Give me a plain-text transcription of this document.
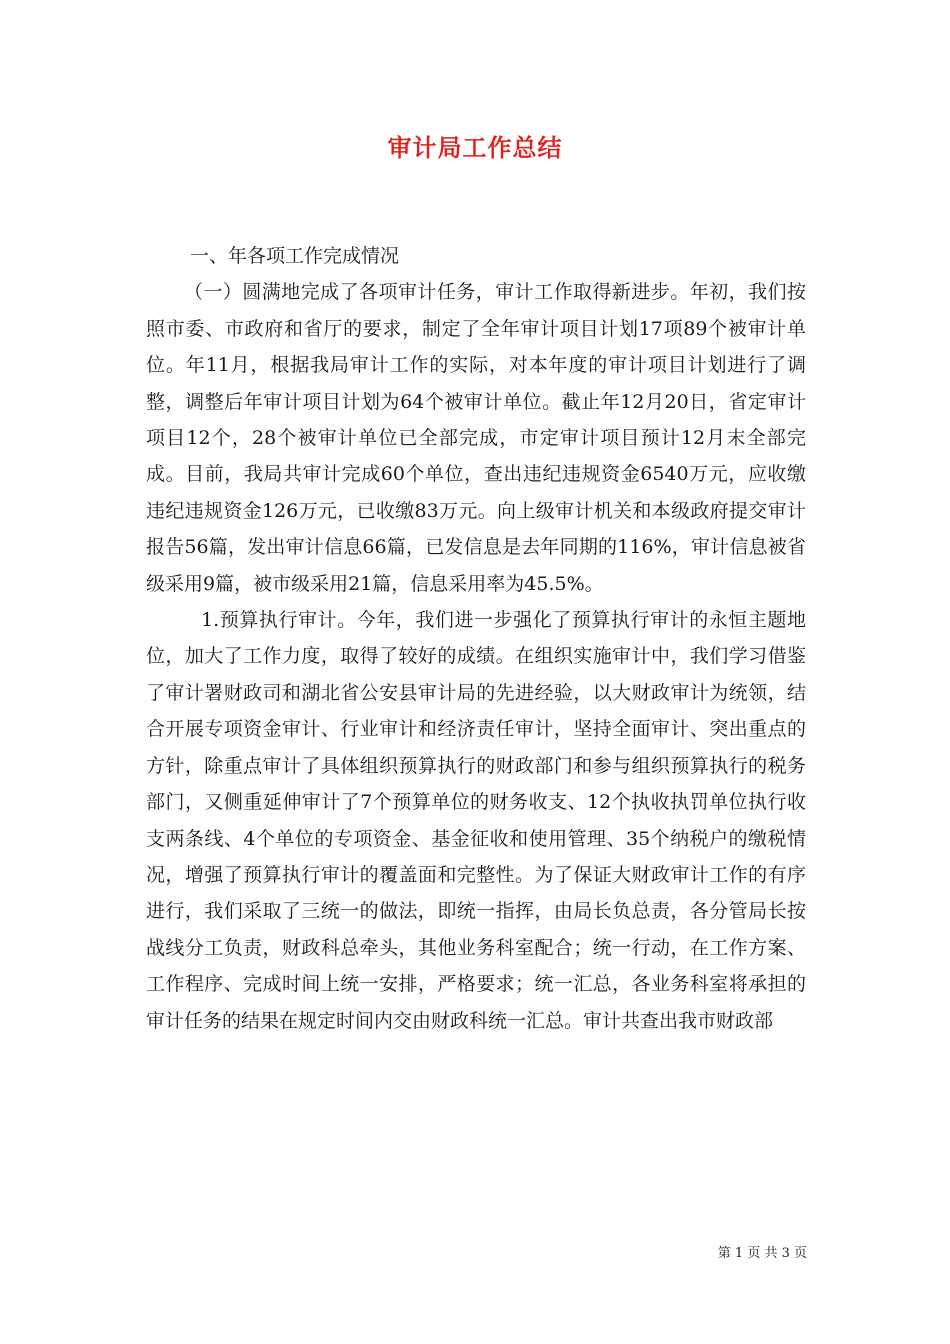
审计局工作总结

一、年各项工作完成情况

（一）圆满地完成了各项审计任务，审计工作取得新进步。年初，我们按照市委、市政府和省厅的要求，制定了全年审计项目计划17项89个被审计单位。年11月，根据我局审计工作的实际，对本年度的审计项目计划进行了调整，调整后年审计项目计划为64个被审计单位。截止年12月20日，省定审计项目12个，28个被审计单位已全部完成，市定审计项目预计12月末全部完成。目前，我局共审计完成60个单位，查出违纪违规资金6540万元，应收缴违纪违规资金126万元，已收缴83万元。向上级审计机关和本级政府提交审计报告56篇，发出审计信息66篇，已发信息是去年同期的116%，审计信息被省级采用9篇，被市级采用21篇，信息采用率为45.5%。

1.预算执行审计。今年，我们进一步强化了预算执行审计的永恒主题地位，加大了工作力度，取得了较好的成绩。在组织实施审计中，我们学习借鉴了审计署财政司和湖北省公安县审计局的先进经验，以大财政审计为统领，结合开展专项资金审计、行业审计和经济责任审计，坚持全面审计、突出重点的方针，除重点审计了具体组织预算执行的财政部门和参与组织预算执行的税务部门，又侧重延伸审计了7个预算单位的财务收支、12个执收执罚单位执行收支两条线、4个单位的专项资金、基金征收和使用管理、35个纳税户的缴税情况，增强了预算执行审计的覆盖面和完整性。为了保证大财政审计工作的有序进行，我们采取了三统一的做法，即统一指挥，由局长负总责，各分管局长按战线分工负责，财政科总牵头，其他业务科室配合；统一行动，在工作方案、工作程序、完成时间上统一安排，严格要求；统一汇总，各业务科室将承担的审计任务的结果在规定时间内交由财政科统一汇总。审计共查出我市财政部

第 1 页 共 3 页
